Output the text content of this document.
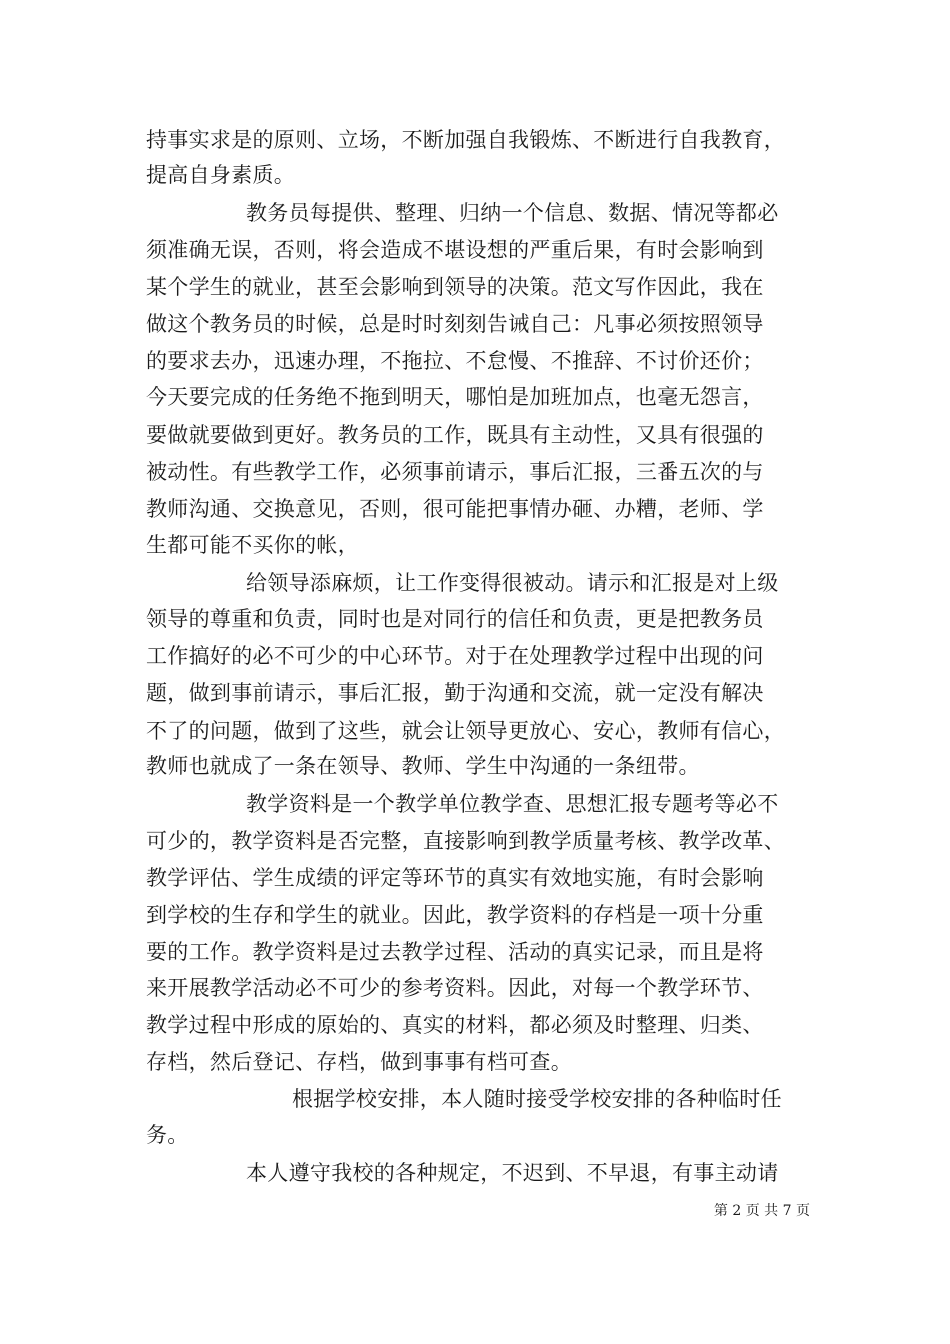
持事实求是的原则、立场，不断加强自我锻炼、不断进行自我教育，
提高自身素质。
教务员每提供、整理、归纳一个信息、数据、情况等都必
须准确无误，否则，将会造成不堪设想的严重后果，有时会影响到
某个学生的就业，甚至会影响到领导的决策。范文写作因此，我在
做这个教务员的时候，总是时时刻刻告诫自己：凡事必须按照领导
的要求去办，迅速办理，不拖拉、不怠慢、不推辞、不讨价还价；
今天要完成的任务绝不拖到明天，哪怕是加班加点，也毫无怨言，
要做就要做到更好。教务员的工作，既具有主动性，又具有很强的
被动性。有些教学工作，必须事前请示，事后汇报，三番五次的与
教师沟通、交换意见，否则，很可能把事情办砸、办糟，老师、学
生都可能不买你的帐，
给领导添麻烦，让工作变得很被动。请示和汇报是对上级
领导的尊重和负责，同时也是对同行的信任和负责，更是把教务员
工作搞好的必不可少的中心环节。对于在处理教学过程中出现的问
题，做到事前请示，事后汇报，勤于沟通和交流，就一定没有解决
不了的问题，做到了这些，就会让领导更放心、安心，教师有信心，
教师也就成了一条在领导、教师、学生中沟通的一条纽带。
教学资料是一个教学单位教学查、思想汇报专题考等必不
可少的，教学资料是否完整，直接影响到教学质量考核、教学改革、
教学评估、学生成绩的评定等环节的真实有效地实施，有时会影响
到学校的生存和学生的就业。因此，教学资料的存档是一项十分重
要的工作。教学资料是过去教学过程、活动的真实记录，而且是将
来开展教学活动必不可少的参考资料。因此，对每一个教学环节、
教学过程中形成的原始的、真实的材料，都必须及时整理、归类、
存档，然后登记、存档，做到事事有档可查。
根据学校安排，本人随时接受学校安排的各种临时任
务。
本人遵守我校的各种规定，不迟到、不早退，有事主动请
第 2 页 共 7 页
